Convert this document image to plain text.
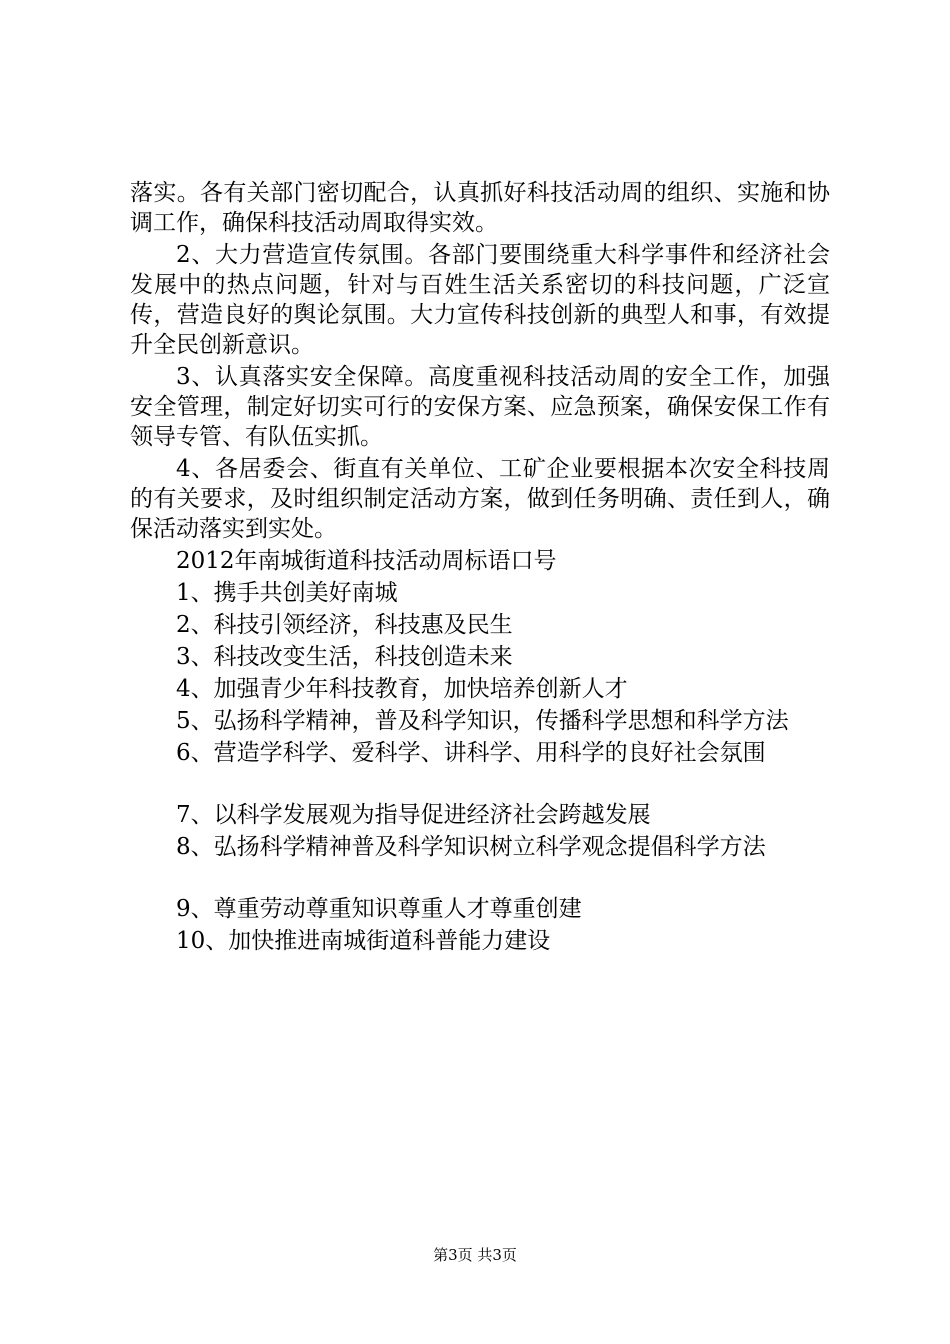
落实。各有关部门密切配合，认真抓好科技活动周的组织、实施和协调工作，确保科技活动周取得实效。

2、大力营造宣传氛围。各部门要围绕重大科学事件和经济社会发展中的热点问题，针对与百姓生活关系密切的科技问题，广泛宣传，营造良好的舆论氛围。大力宣传科技创新的典型人和事，有效提升全民创新意识。

3、认真落实安全保障。高度重视科技活动周的安全工作，加强安全管理，制定好切实可行的安保方案、应急预案，确保安保工作有领导专管、有队伍实抓。

4、各居委会、街直有关单位、工矿企业要根据本次安全科技周的有关要求，及时组织制定活动方案，做到任务明确、责任到人，确保活动落实到实处。

2012年南城街道科技活动周标语口号

1、携手共创美好南城

2、科技引领经济，科技惠及民生

3、科技改变生活，科技创造未来

4、加强青少年科技教育，加快培养创新人才

5、弘扬科学精神，普及科学知识，传播科学思想和科学方法

6、营造学科学、爱科学、讲科学、用科学的良好社会氛围

7、以科学发展观为指导促进经济社会跨越发展

8、弘扬科学精神普及科学知识树立科学观念提倡科学方法

9、尊重劳动尊重知识尊重人才尊重创建

10、加快推进南城街道科普能力建设

第3页 共3页
